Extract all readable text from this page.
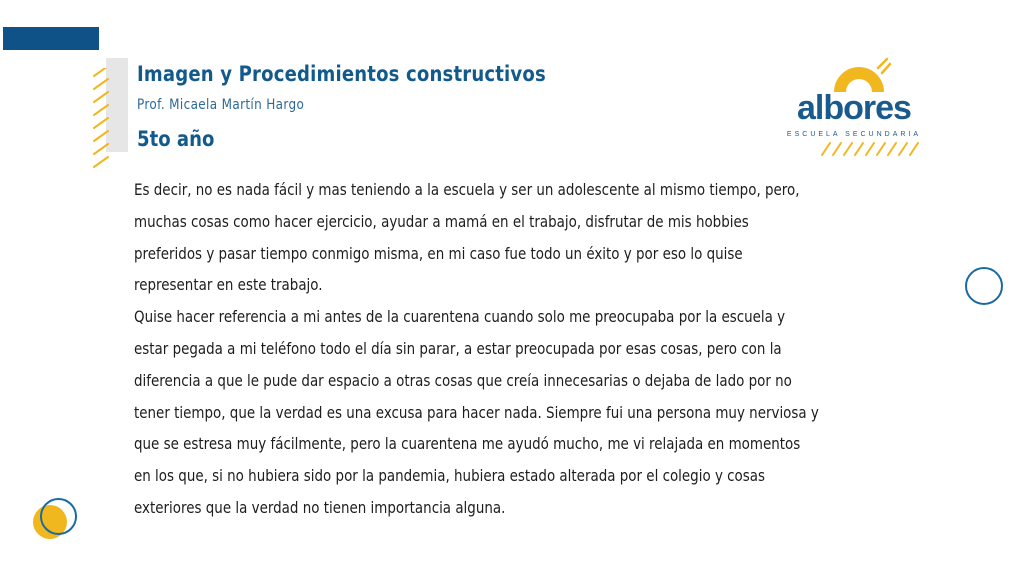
Imagen y Procedimientos constructivos
Prof. Micaela Martín Hargo
5to año
albores
ESCUELA SECUNDARIA

Es decir, no es nada fácil y mas teniendo a la escuela y ser un adolescente al mismo tiempo, pero,

muchas cosas como hacer ejercicio, ayudar a mamá en el trabajo, disfrutar de mis hobbies

preferidos y pasar tiempo conmigo misma, en mi caso fue todo un éxito y por eso lo quise

representar en este trabajo.

Quise hacer referencia a mi antes de la cuarentena cuando solo me preocupaba por la escuela y

estar pegada a mi teléfono todo el día sin parar, a estar preocupada por esas cosas, pero con la

diferencia a que le pude dar espacio a otras cosas que creía innecesarias o dejaba de lado por no

tener tiempo, que la verdad es una excusa para hacer nada. Siempre fui una persona muy nerviosa y

que se estresa muy fácilmente, pero la cuarentena me ayudó mucho, me vi relajada en momentos

en los que, si no hubiera sido por la pandemia, hubiera estado alterada por el colegio y cosas

exteriores que la verdad no tienen importancia alguna.
